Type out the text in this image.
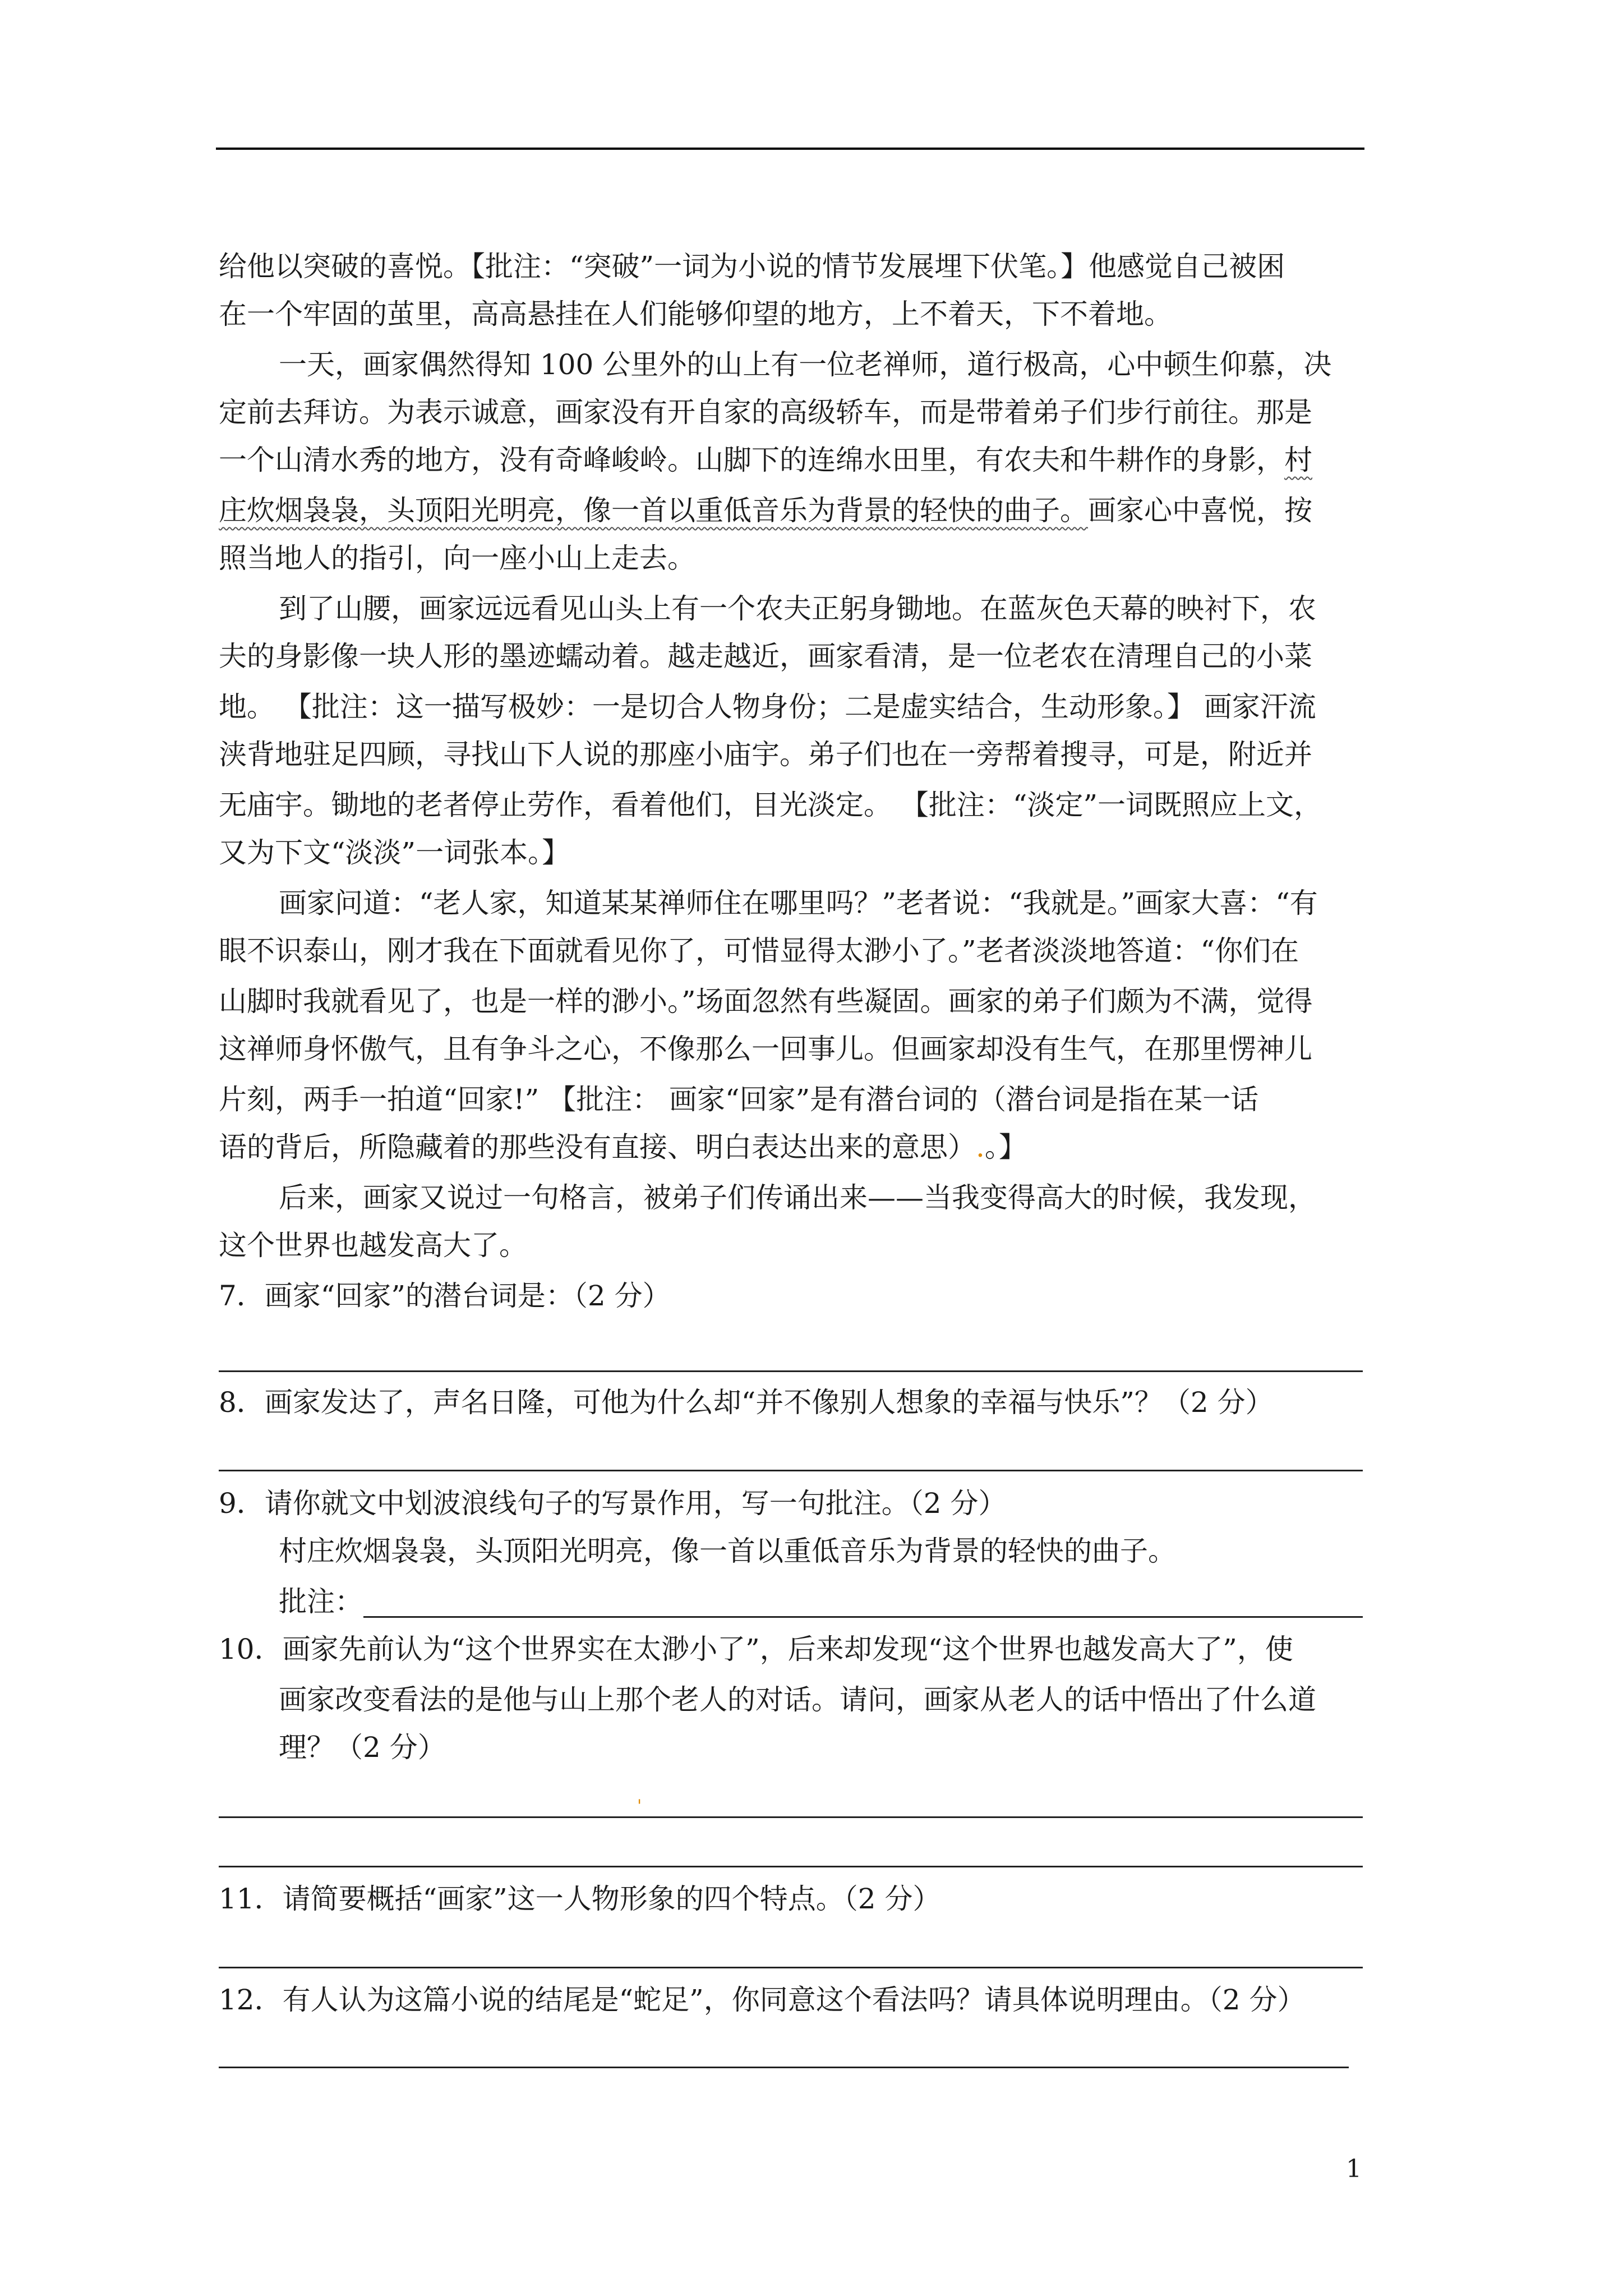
给他以突破的喜悦。【批注：“突破”一词为小说的情节发展埋下伏笔。】他感觉自己被困
在一个牢固的茧里，高高悬挂在人们能够仰望的地方，上不着天，下不着地。
一天，画家偶然得知 100 公里外的山上有一位老禅师，道行极高，心中顿生仰慕，决
定前去拜访。为表示诚意，画家没有开自家的高级轿车，而是带着弟子们步行前往。那是
一个山清水秀的地方，没有奇峰峻岭。山脚下的连绵水田里，有农夫和牛耕作的身影，村
庄炊烟袅袅，头顶阳光明亮，像一首以重低音乐为背景的轻快的曲子。画家心中喜悦，按
照当地人的指引，向一座小山上走去。
到了山腰，画家远远看见山头上有一个农夫正躬身锄地。在蓝灰色天幕的映衬下，农
夫的身影像一块人形的墨迹蠕动着。越走越近，画家看清，是一位老农在清理自己的小菜
地。 【批注：这一描写极妙：一是切合人物身份；二是虚实结合，生动形象。】 画家汗流
浃背地驻足四顾，寻找山下人说的那座小庙宇。弟子们也在一旁帮着搜寻，可是，附近并
无庙宇。锄地的老者停止劳作，看着他们，目光淡定。 【批注：“淡定”一词既照应上文，
又为下文“淡淡”一词张本。】
画家问道：“老人家，知道某某禅师住在哪里吗？”老者说：“我就是。”画家大喜：“有
眼不识泰山，刚才我在下面就看见你了，可惜显得太渺小了。”老者淡淡地答道：“你们在
山脚时我就看见了，也是一样的渺小。”场面忽然有些凝固。画家的弟子们颇为不满，觉得
这禅师身怀傲气，且有争斗之心，不像那么一回事儿。但画家却没有生气，在那里愣神儿
片刻，两手一拍道“回家!” 【批注： 画家“回家”是有潜台词的（潜台词是指在某一话
语的背后，所隐藏着的那些没有直接、明白表达出来的意思）.。】
后来，画家又说过一句格言，被弟子们传诵出来——当我变得高大的时候，我发现，
这个世界也越发高大了。
7．画家“回家”的潜台词是：（2 分）
8．画家发达了，声名日隆，可他为什么却“并不像别人想象的幸福与快乐”？（2 分）
9．请你就文中划波浪线句子的写景作用，写一句批注。（2 分）
村庄炊烟袅袅，头顶阳光明亮，像一首以重低音乐为背景的轻快的曲子。
批注：
10．画家先前认为“这个世界实在太渺小了”，后来却发现“这个世界也越发高大了”，使
画家改变看法的是他与山上那个老人的对话。请问，画家从老人的话中悟出了什么道
理？（2 分）
'
11．请简要概括“画家”这一人物形象的四个特点。（2 分）
12．有人认为这篇小说的结尾是“蛇足”，你同意这个看法吗？请具体说明理由。（2 分）
1
